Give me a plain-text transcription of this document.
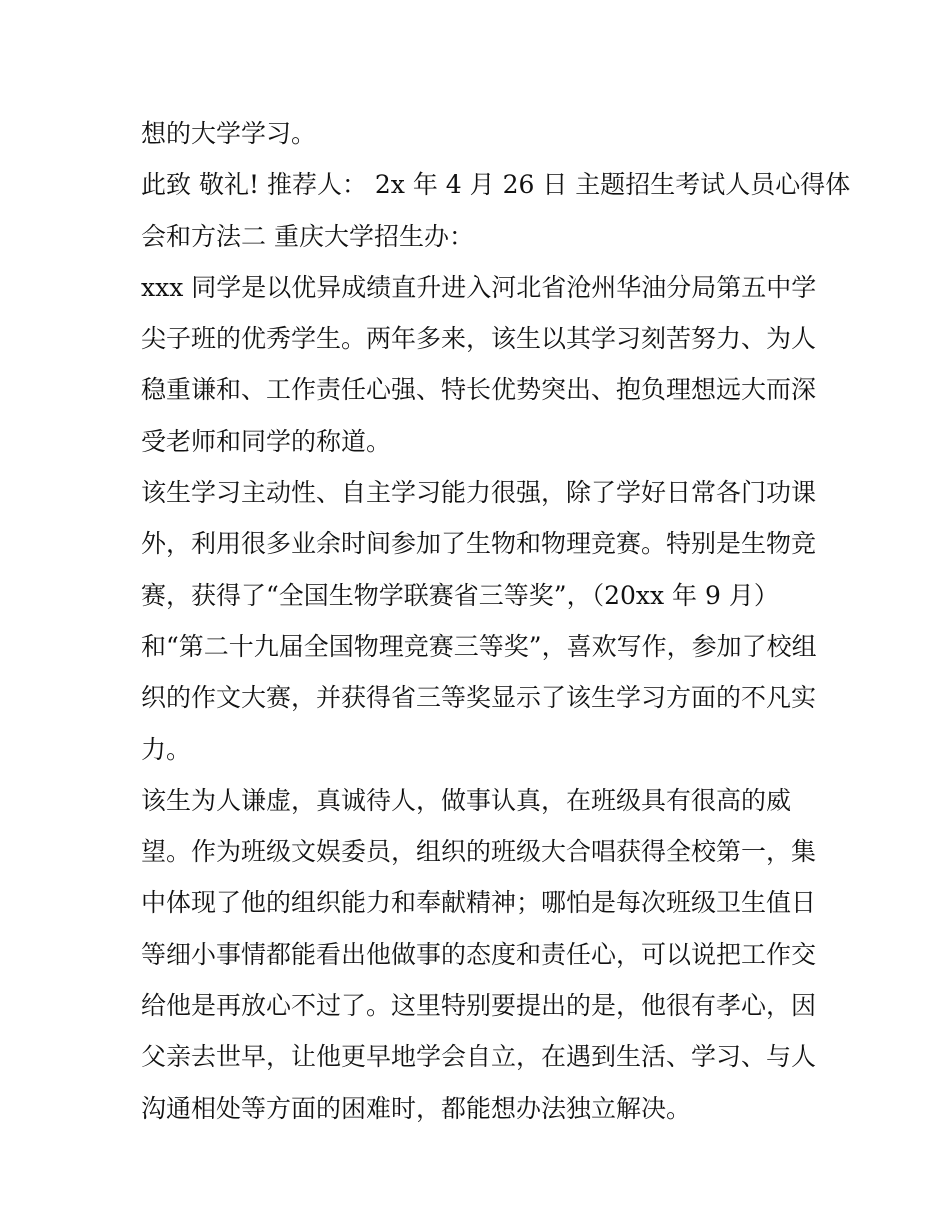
想的大学学习。
此致 敬礼! 推荐人： 2x 年 4 月 26 日 主题招生考试人员心得体
会和方法二 重庆大学招生办：
xxx 同学是以优异成绩直升进入河北省沧州华油分局第五中学
尖子班的优秀学生。两年多来，该生以其学习刻苦努力、为人
稳重谦和、工作责任心强、特长优势突出、抱负理想远大而深
受老师和同学的称道。
该生学习主动性、自主学习能力很强，除了学好日常各门功课
外，利用很多业余时间参加了生物和物理竞赛。特别是生物竞
赛，获得了“全国生物学联赛省三等奖”，（20xx 年 9 月）
和“第二十九届全国物理竞赛三等奖”，喜欢写作，参加了校组
织的作文大赛，并获得省三等奖显示了该生学习方面的不凡实
力。
该生为人谦虚，真诚待人，做事认真，在班级具有很高的威
望。作为班级文娱委员，组织的班级大合唱获得全校第一，集
中体现了他的组织能力和奉献精神；哪怕是每次班级卫生值日
等细小事情都能看出他做事的态度和责任心，可以说把工作交
给他是再放心不过了。这里特别要提出的是，他很有孝心，因
父亲去世早，让他更早地学会自立，在遇到生活、学习、与人
沟通相处等方面的困难时，都能想办法独立解决。
